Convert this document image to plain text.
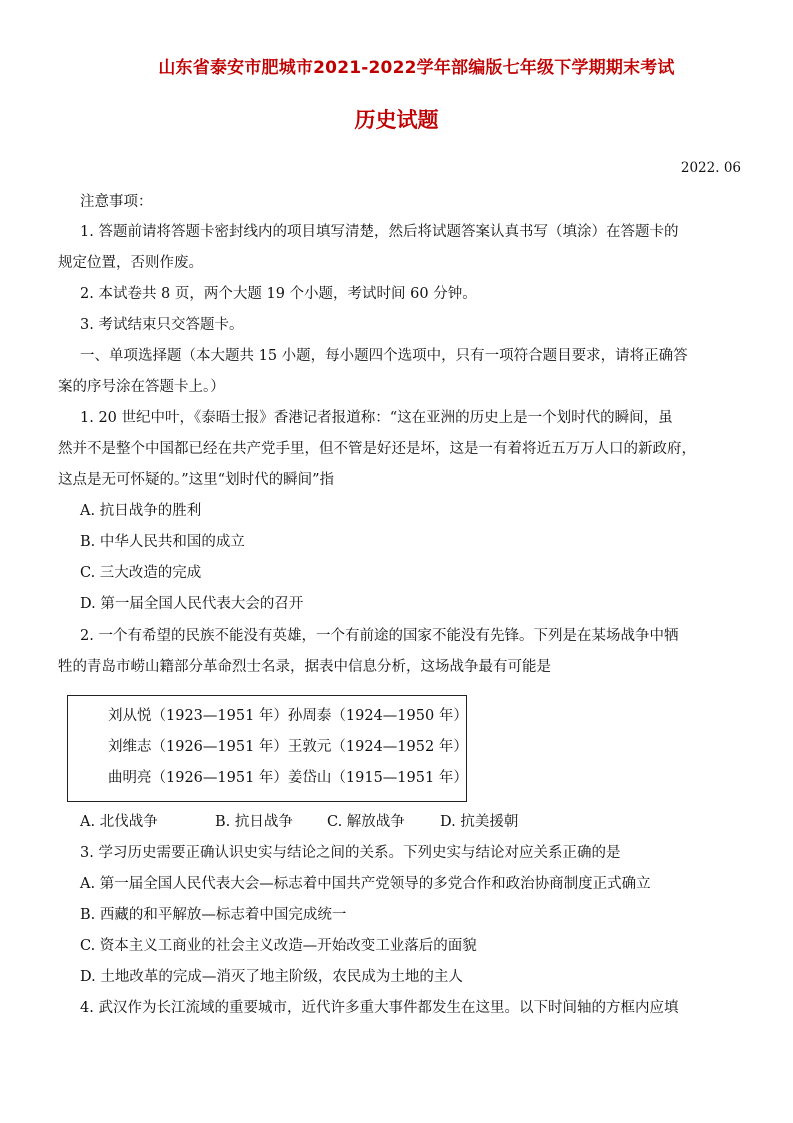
山东省泰安市肥城市2021-2022学年部编版七年级下学期期末考试
历史试题
2022. 06
注意事项：
1. 答题前请将答题卡密封线内的项目填写清楚，然后将试题答案认真书写（填涂）在答题卡的
规定位置，否则作废。
2. 本试卷共 8 页，两个大题 19 个小题，考试时间 60 分钟。
3. 考试结束只交答题卡。
一、单项选择题（本大题共 15 小题，每小题四个选项中，只有一项符合题目要求，请将正确答
案的序号涂在答题卡上。）
1. 20 世纪中叶，《泰晤士报》香港记者报道称：“这在亚洲的历史上是一个划时代的瞬间，虽
然并不是整个中国都已经在共产党手里，但不管是好还是坏，这是一有着将近五万万人口的新政府，
这点是无可怀疑的。”这里“划时代的瞬间”指
A. 抗日战争的胜利
B. 中华人民共和国的成立
C. 三大改造的完成
D. 第一届全国人民代表大会的召开
2. 一个有希望的民族不能没有英雄，一个有前途的国家不能没有先锋。下列是在某场战争中牺
牲的青岛市崂山籍部分革命烈士名录，据表中信息分析，这场战争最有可能是
刘从悦（1923—1951 年）孙周泰（1924—1950 年）
刘维志（1926—1951 年）王敦元（1924—1952 年）
曲明亮（1926—1951 年）姜岱山（1915—1951 年）
A. 北伐战争	B. 抗日战争 C. 解放战争 D. 抗美援朝
3. 学习历史需要正确认识史实与结论之间的关系。下列史实与结论对应关系正确的是
A. 第一届全国人民代表大会—标志着中国共产党领导的多党合作和政治协商制度正式确立
B. 西藏的和平解放—标志着中国完成统一
C. 资本主义工商业的社会主义改造—开始改变工业落后的面貌
D. 土地改革的完成—消灭了地主阶级，农民成为土地的主人
4. 武汉作为长江流域的重要城市，近代许多重大事件都发生在这里。以下时间轴的方框内应填
